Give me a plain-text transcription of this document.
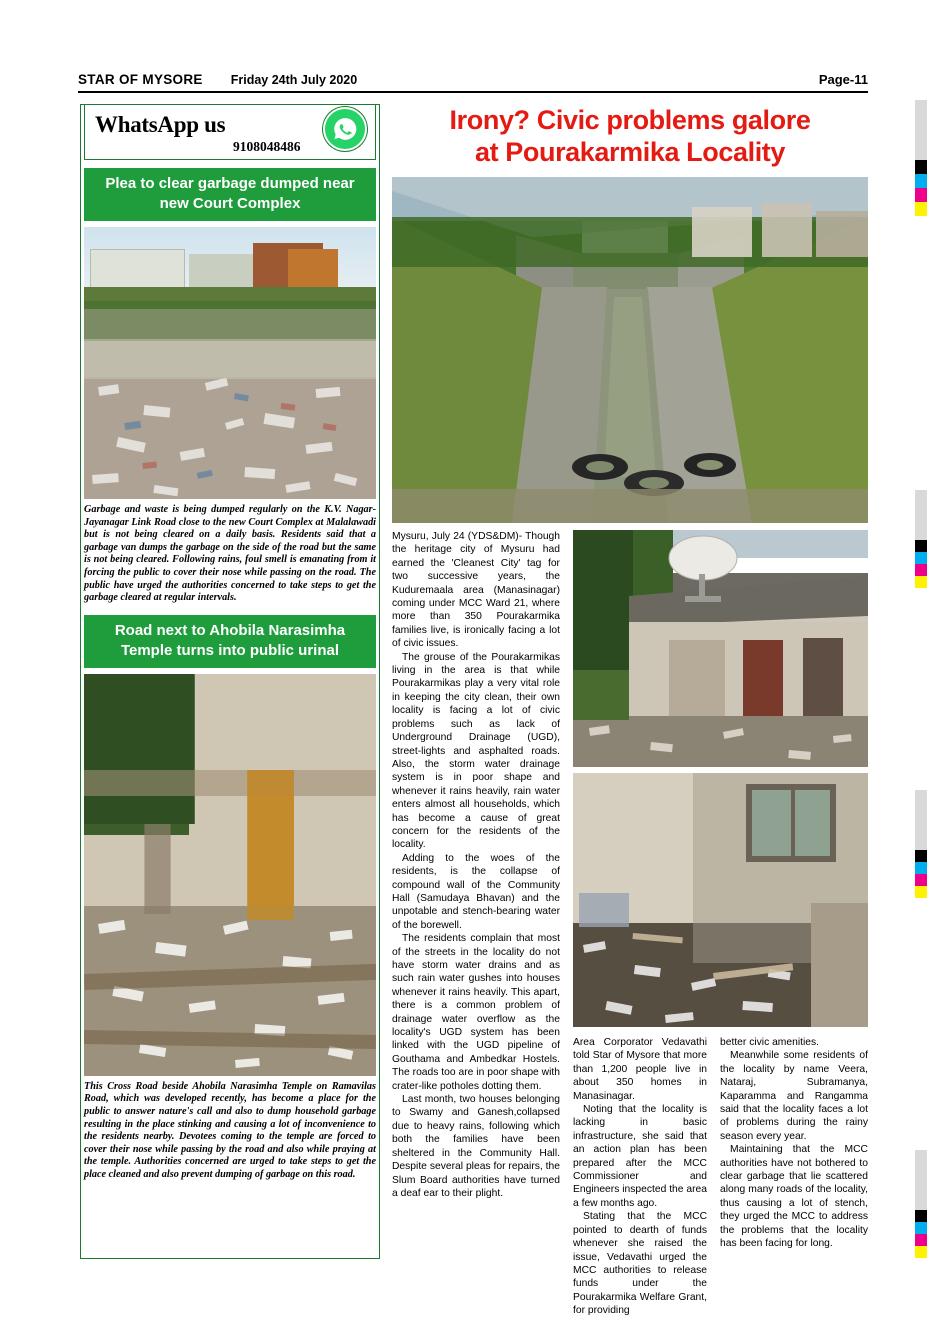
STAR OF MYSORE Friday 24th July 2020	Page-11
WhatsApp us
9108048486
Plea to clear garbage dumped near new Court Complex
Garbage and waste is being dumped regularly on the K.V. Nagar-Jayanagar Link Road close to the new Court Complex at Malalawadi but is not being cleared on a daily basis. Residents said that a garbage van dumps the garbage on the side of the road but the same is not being cleared. Following rains, foul smell is emanating from it forcing the public to cover their nose while passing on the road. The public have urged the authorities concerned to take steps to get the garbage cleared at regular intervals.
Road next to Ahobila Narasimha Temple turns into public urinal
This Cross Road beside Ahobila Narasimha Temple on Ramavilas Road, which was developed recently, has become a place for the public to answer nature's call and also to dump household garbage resulting in the place stinking and causing a lot of inconvenience to the residents nearby. Devotees coming to the temple are forced to cover their nose while passing by the road and also while praying at the temple. Authorities concerned are urged to take steps to get the place cleaned and also prevent dumping of garbage on this road.
Irony? Civic problems galore
at Pourakarmika Locality

Mysuru, July 24 (YDS&DM)- Though the heritage city of Mysuru had earned the 'Cleanest City' tag for two successive years, the Kuduremaala area (Manasinagar) coming under MCC Ward 21, where more than 350 Pourakarmika families live, is ironically facing a lot of civic issues.

The grouse of the Pourakarmikas living in the area is that while Pourakarmikas play a very vital role in keeping the city clean, their own locality is facing a lot of civic problems such as lack of Underground Drainage (UGD), street-lights and asphalted roads. Also, the storm water drainage system is in poor shape and whenever it rains heavily, rain water enters almost all households, which has become a cause of great concern for the residents of the locality.

Adding to the woes of the residents, is the collapse of compound wall of the Community Hall (Samudaya Bhavan) and the unpotable and stench-bearing water of the borewell.

The residents complain that most of the streets in the locality do not have storm water drains and as such rain water gushes into houses whenever it rains heavily. This apart, there is a common problem of drainage water overflow as the locality's UGD system has been linked with the UGD pipeline of Gouthama and Ambedkar Hostels. The roads too are in poor shape with crater-like potholes dotting them.

Last month, two houses belonging to Swamy and Ganesh,collapsed due to heavy rains, following which both the families have been sheltered in the Community Hall. Despite several pleas for repairs, the Slum Board authorities have turned a deaf ear to their plight.

Area Corporator Vedavathi told Star of Mysore that more than 1,200 people live in about 350 homes in Manasinagar.

Noting that the locality is lacking in basic infrastructure, she said that an action plan has been prepared after the MCC Commissioner and Engineers inspected the area a few months ago.

Stating that the MCC pointed to dearth of funds whenever she raised the issue, Vedavathi urged the MCC authorities to release funds under the Pourakarmika Welfare Grant, for providing

better civic amenities.

Meanwhile some residents of the locality by name Veera, Nataraj, Subramanya, Kaparamma and Rangamma said that the locality faces a lot of problems during the rainy season every year.

Maintaining that the MCC authorities have not bothered to clear garbage that lie scattered along many roads of the locality, thus causing a lot of stench, they urged the MCC to address the problems that the locality has been facing for long.
